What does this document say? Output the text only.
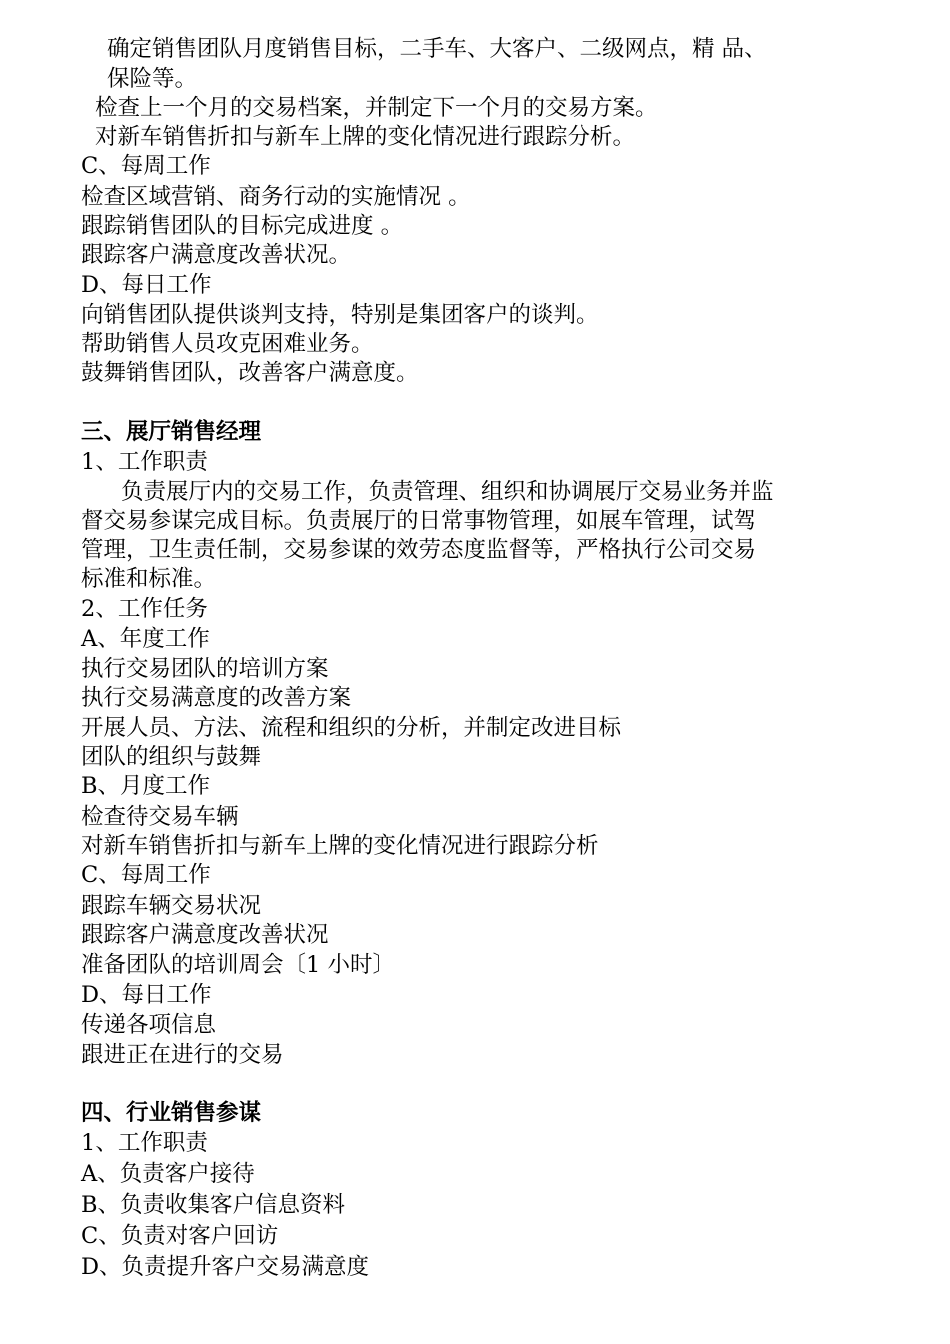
确定销售团队月度销售目标，二手车、大客户、二级网点，精 品、
保险等。
检查上一个月的交易档案，并制定下一个月的交易方案。
对新车销售折扣与新车上牌的变化情况进行跟踪分析。
C、每周工作
检查区域营销、商务行动的实施情况 。
跟踪销售团队的目标完成进度 。
跟踪客户满意度改善状况。
D、每日工作
向销售团队提供谈判支持，特别是集团客户的谈判。
帮助销售人员攻克困难业务。
鼓舞销售团队，改善客户满意度。
三、展厅销售经理
1、工作职责
负责展厅内的交易工作，负责管理、组织和协调展厅交易业务并监
督交易参谋完成目标。负责展厅的日常事物管理，如展车管理，试驾
管理，卫生责任制，交易参谋的效劳态度监督等，严格执行公司交易
标准和标准。
2、工作任务
A、年度工作
执行交易团队的培训方案
执行交易满意度的改善方案
开展人员、方法、流程和组织的分析，并制定改进目标
团队的组织与鼓舞
B、月度工作
检查待交易车辆
对新车销售折扣与新车上牌的变化情况进行跟踪分析
C、每周工作
跟踪车辆交易状况
跟踪客户满意度改善状况
准备团队的培训周会〔1 小时〕
D、每日工作
传递各项信息
跟进正在进行的交易
四、行业销售参谋
1、工作职责
A、负责客户接待
B、负责收集客户信息资料
C、负责对客户回访
D、负责提升客户交易满意度
